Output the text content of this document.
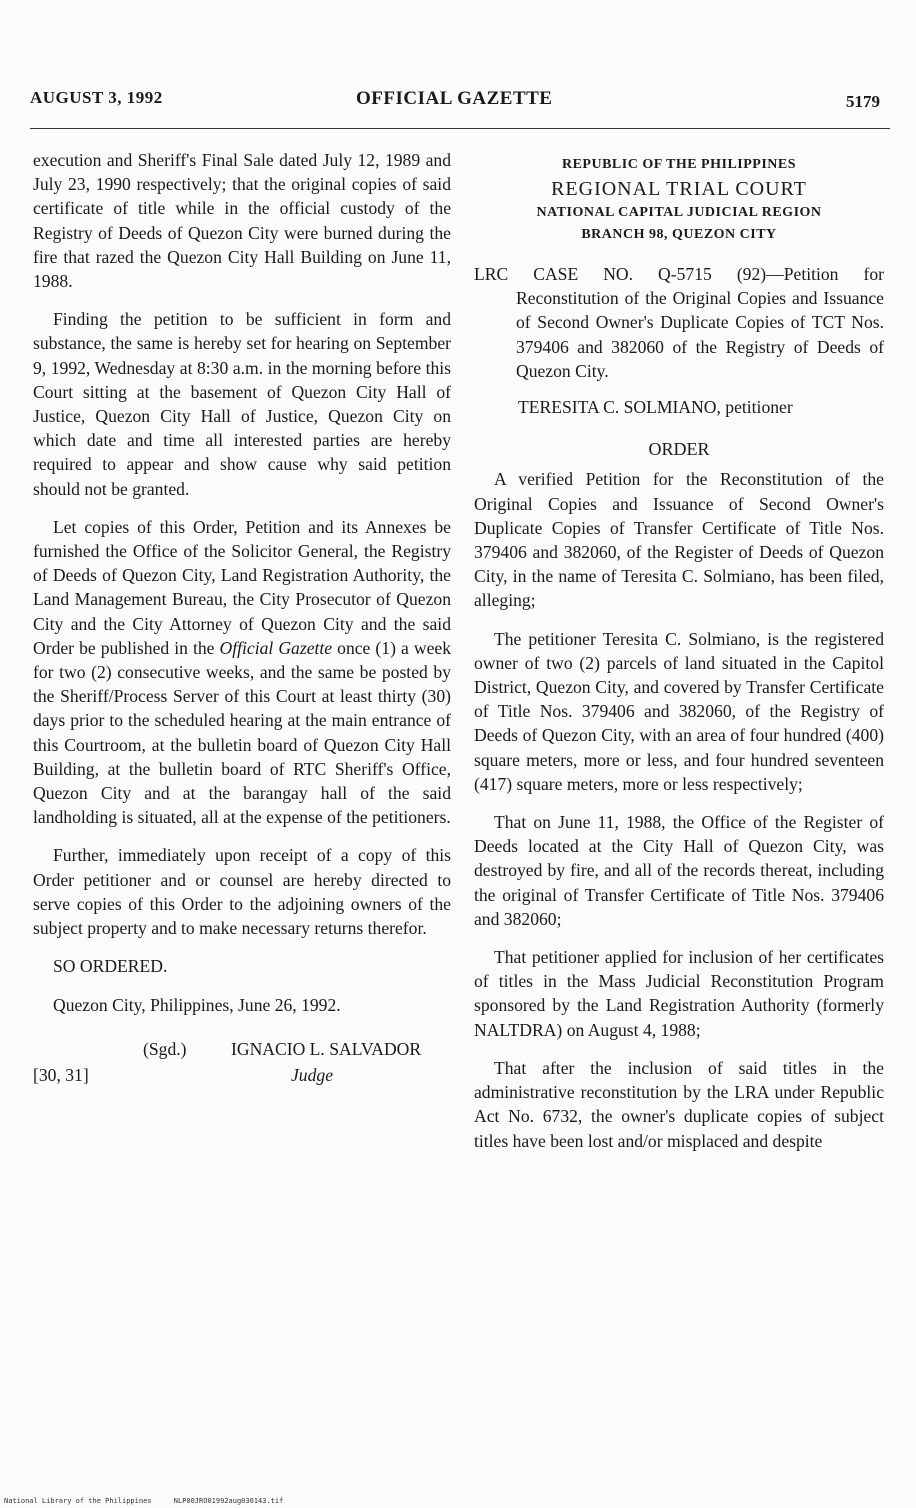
AUGUST 3, 1992	OFFICIAL GAZETTE	5179

execution and Sheriff's Final Sale dated July 12, 1989 and July 23, 1990 respectively; that the original copies of said certificate of title while in the official custody of the Registry of Deeds of Quezon City were burned during the fire that razed the Quezon City Hall Building on June 11, 1988.

Finding the petition to be sufficient in form and substance, the same is hereby set for hearing on September 9, 1992, Wednesday at 8:30 a.m. in the morning before this Court sitting at the basement of Quezon City Hall of Justice, Quezon City Hall of Justice, Quezon City on which date and time all interested parties are hereby required to appear and show cause why said petition should not be granted.

Let copies of this Order, Petition and its Annexes be furnished the Office of the Solicitor General, the Registry of Deeds of Quezon City, Land Registration Authority, the Land Management Bureau, the City Prosecutor of Quezon City and the City Attorney of Quezon City and the said Order be published in the Official Gazette once (1) a week for two (2) consecutive weeks, and the same be posted by the Sheriff/Process Server of this Court at least thirty (30) days prior to the scheduled hearing at the main entrance of this Courtroom, at the bulletin board of Quezon City Hall Building, at the bulletin board of RTC Sheriff's Office, Quezon City and at the barangay hall of the said landholding is situated, all at the expense of the petitioners.

Further, immediately upon receipt of a copy of this Order petitioner and or counsel are hereby directed to serve copies of this Order to the adjoining owners of the subject property and to make necessary returns therefor.

SO ORDERED.

Quezon City, Philippines, June 26, 1992.

(Sgd.)	IGNACIO L. SALVADOR
[30, 31]	Judge
REPUBLIC OF THE PHILIPPINES
REGIONAL TRIAL COURT
NATIONAL CAPITAL JUDICIAL REGION
BRANCH 98, QUEZON CITY

LRC CASE NO. Q-5715 (92)—Petition for Reconstitution of the Original Copies and Issuance of Second Owner's Duplicate Copies of TCT Nos. 379406 and 382060 of the Registry of Deeds of Quezon City.

TERESITA C. SOLMIANO, petitioner

ORDER

A verified Petition for the Reconstitution of the Original Copies and Issuance of Second Owner's Duplicate Copies of Transfer Certificate of Title Nos. 379406 and 382060, of the Register of Deeds of Quezon City, in the name of Teresita C. Solmiano, has been filed, alleging;

The petitioner Teresita C. Solmiano, is the registered owner of two (2) parcels of land situated in the Capitol District, Quezon City, and covered by Transfer Certificate of Title Nos. 379406 and 382060, of the Registry of Deeds of Quezon City, with an area of four hundred (400) square meters, more or less, and four hundred seventeen (417) square meters, more or less respectively;

That on June 11, 1988, the Office of the Register of Deeds located at the City Hall of Quezon City, was destroyed by fire, and all of the records thereat, including the original of Transfer Certificate of Title Nos. 379406 and 382060;

That petitioner applied for inclusion of her certificates of titles in the Mass Judicial Reconstitution Program sponsored by the Land Registration Authority (formerly NALTDRA) on August 4, 1988;

That after the inclusion of said titles in the administrative reconstitution by the LRA under Republic Act No. 6732, the owner's duplicate copies of subject titles have been lost and/or misplaced and despite

National Library of the Philippines	NLP00JRO01992aug030143.tif
